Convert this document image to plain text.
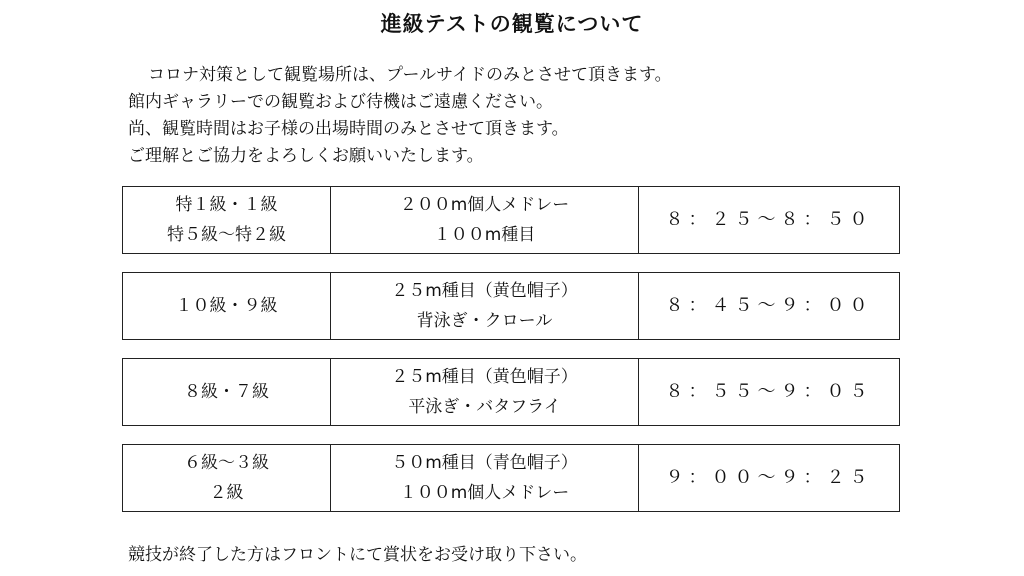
進級テストの観覧について
コロナ対策として観覧場所は、プールサイドのみとさせて頂きます。
館内ギャラリーでの観覧および待機はご遠慮ください。
尚、観覧時間はお子様の出場時間のみとさせて頂きます。
ご理解とご協力をよろしくお願いいたします。
特１級・１級
特５級～特２級
２００m個人メドレー
１００m種目
８：２５～８：５０
１０級・９級
２５m種目（黄色帽子）
背泳ぎ・クロール
８：４５～９：００
８級・７級
２５m種目（黄色帽子）
平泳ぎ・バタフライ
８：５５～９：０５
６級～３級
２級
５０m種目（青色帽子）
１００m個人メドレー
９：００～９：２５
競技が終了した方はフロントにて賞状をお受け取り下さい。
